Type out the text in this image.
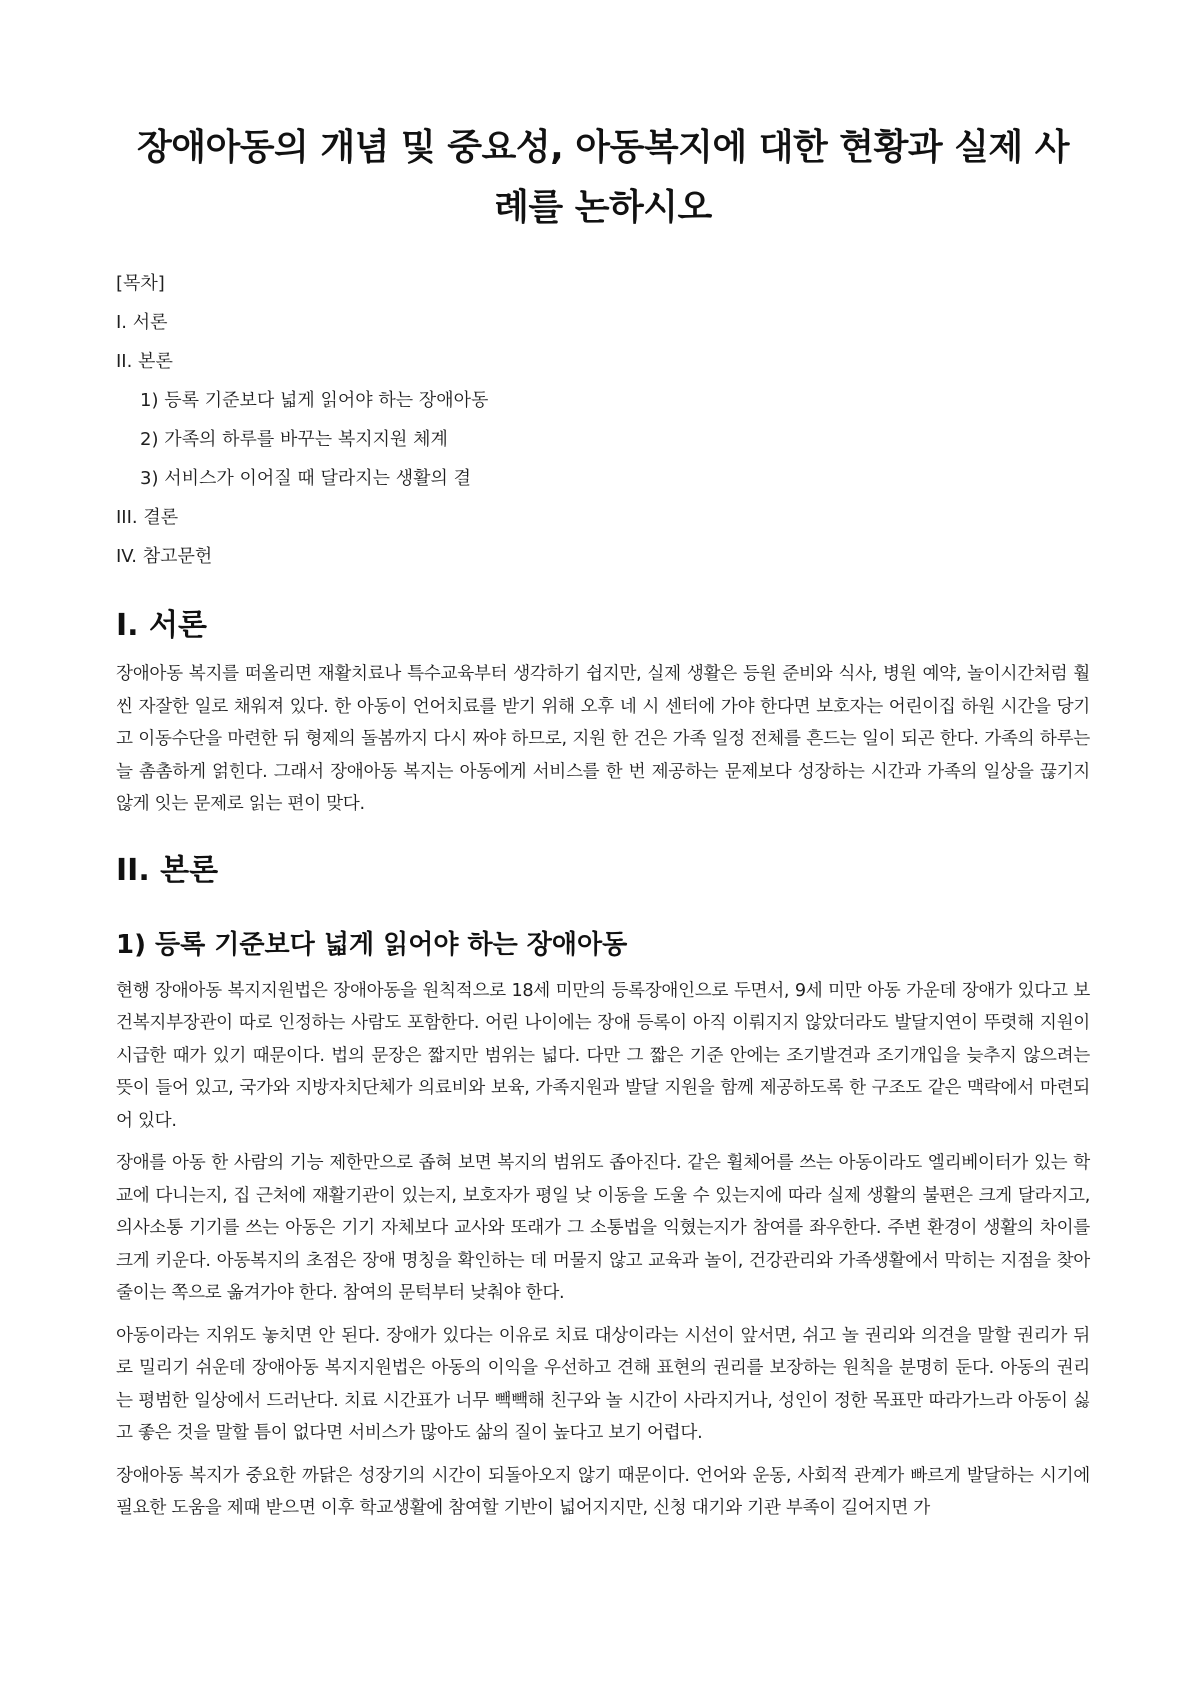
장애아동의 개념 및 중요성, 아동복지에 대한 현황과 실제 사례를 논하시오
[목차]
I. 서론
II. 본론
1) 등록 기준보다 넓게 읽어야 하는 장애아동
2) 가족의 하루를 바꾸는 복지지원 체계
3) 서비스가 이어질 때 달라지는 생활의 결
III. 결론
IV. 참고문헌
I. 서론

장애아동 복지를 떠올리면 재활치료나 특수교육부터 생각하기 쉽지만, 실제 생활은 등원 준비와 식사, 병원 예약, 놀이시간처럼 훨씬 자잘한 일로 채워져 있다. 한 아동이 언어치료를 받기 위해 오후 네 시 센터에 가야 한다면 보호자는 어린이집 하원 시간을 당기고 이동수단을 마련한 뒤 형제의 돌봄까지 다시 짜야 하므로, 지원 한 건은 가족 일정 전체를 흔드는 일이 되곤 한다. 가족의 하루는 늘 촘촘하게 얽힌다. 그래서 장애아동 복지는 아동에게 서비스를 한 번 제공하는 문제보다 성장하는 시간과 가족의 일상을 끊기지 않게 잇는 문제로 읽는 편이 맞다.

II. 본론
1) 등록 기준보다 넓게 읽어야 하는 장애아동

현행 장애아동 복지지원법은 장애아동을 원칙적으로 18세 미만의 등록장애인으로 두면서, 9세 미만 아동 가운데 장애가 있다고 보건복지부장관이 따로 인정하는 사람도 포함한다. 어린 나이에는 장애 등록이 아직 이뤄지지 않았더라도 발달지연이 뚜렷해 지원이 시급한 때가 있기 때문이다. 법의 문장은 짧지만 범위는 넓다. 다만 그 짧은 기준 안에는 조기발견과 조기개입을 늦추지 않으려는 뜻이 들어 있고, 국가와 지방자치단체가 의료비와 보육, 가족지원과 발달 지원을 함께 제공하도록 한 구조도 같은 맥락에서 마련되어 있다.

장애를 아동 한 사람의 기능 제한만으로 좁혀 보면 복지의 범위도 좁아진다. 같은 휠체어를 쓰는 아동이라도 엘리베이터가 있는 학교에 다니는지, 집 근처에 재활기관이 있는지, 보호자가 평일 낮 이동을 도울 수 있는지에 따라 실제 생활의 불편은 크게 달라지고, 의사소통 기기를 쓰는 아동은 기기 자체보다 교사와 또래가 그 소통법을 익혔는지가 참여를 좌우한다. 주변 환경이 생활의 차이를 크게 키운다. 아동복지의 초점은 장애 명칭을 확인하는 데 머물지 않고 교육과 놀이, 건강관리와 가족생활에서 막히는 지점을 찾아 줄이는 쪽으로 옮겨가야 한다. 참여의 문턱부터 낮춰야 한다.

아동이라는 지위도 놓치면 안 된다. 장애가 있다는 이유로 치료 대상이라는 시선이 앞서면, 쉬고 놀 권리와 의견을 말할 권리가 뒤로 밀리기 쉬운데 장애아동 복지지원법은 아동의 이익을 우선하고 견해 표현의 권리를 보장하는 원칙을 분명히 둔다. 아동의 권리는 평범한 일상에서 드러난다. 치료 시간표가 너무 빽빽해 친구와 놀 시간이 사라지거나, 성인이 정한 목표만 따라가느라 아동이 싫고 좋은 것을 말할 틈이 없다면 서비스가 많아도 삶의 질이 높다고 보기 어렵다.

장애아동 복지가 중요한 까닭은 성장기의 시간이 되돌아오지 않기 때문이다. 언어와 운동, 사회적 관계가 빠르게 발달하는 시기에 필요한 도움을 제때 받으면 이후 학교생활에 참여할 기반이 넓어지지만, 신청 대기와 기관 부족이 길어지면 가
